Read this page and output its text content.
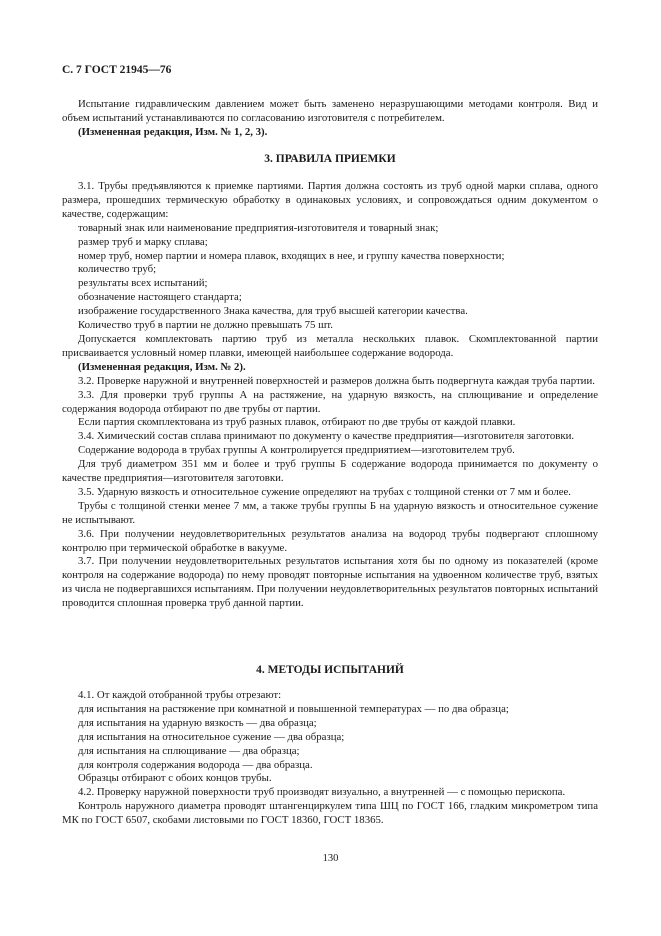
С. 7 ГОСТ 21945—76

Испытание гидравлическим давлением может быть заменено неразрушающими методами контроля. Вид и объем испытаний устанавливаются по согласованию изготовителя с потребителем.

(Измененная редакция, Изм. № 1, 2, 3).

3. ПРАВИЛА ПРИЕМКИ

3.1. Трубы предъявляются к приемке партиями. Партия должна состоять из труб одной марки сплава, одного размера, прошедших термическую обработку в одинаковых условиях, и сопровождаться одним документом о качестве, содержащим:

товарный знак или наименование предприятия-изготовителя и товарный знак;

размер труб и марку сплава;

номер труб, номер партии и номера плавок, входящих в нее, и группу качества поверхности;

количество труб;

результаты всех испытаний;

обозначение настоящего стандарта;

изображение государственного Знака качества, для труб высшей категории качества.

Количество труб в партии не должно превышать 75 шт.

Допускается комплектовать партию труб из металла нескольких плавок. Скомплектованной партии присваивается условный номер плавки, имеющей наибольшее содержание водорода.

(Измененная редакция, Изм. № 2).

3.2. Проверке наружной и внутренней поверхностей и размеров должна быть подвергнута каждая труба партии.

3.3. Для проверки труб группы А на растяжение, на ударную вязкость, на сплющивание и определение содержания водорода отбирают по две трубы от партии.

Если партия скомплектована из труб разных плавок, отбирают по две трубы от каждой плавки.

3.4. Химический состав сплава принимают по документу о качестве предприятия—изготовителя заготовки.

Содержание водорода в трубах группы А контролируется предприятием—изготовителем труб.

Для труб диаметром 351 мм и более и труб группы Б содержание водорода принимается по документу о качестве предприятия—изготовителя заготовки.

3.5. Ударную вязкость и относительное сужение определяют на трубах с толщиной стенки от 7 мм и более.

Трубы с толщиной стенки менее 7 мм, а также трубы группы Б на ударную вязкость и относительное сужение не испытывают.

3.6. При получении неудовлетворительных результатов анализа на водород трубы подвергают сплошному контролю при термической обработке в вакууме.

3.7. При получении неудовлетворительных результатов испытания хотя бы по одному из показателей (кроме контроля на содержание водорода) по нему проводят повторные испытания на удвоенном количестве труб, взятых из числа не подвергавшихся испытаниям. При получении неудовлетворительных результатов повторных испытаний проводится сплошная проверка труб данной партии.

4. МЕТОДЫ ИСПЫТАНИЙ

4.1. От каждой отобранной трубы отрезают:

для испытания на растяжение при комнатной и повышенной температурах — по два образца;

для испытания на ударную вязкость — два образца;

для испытания на относительное сужение — два образца;

для испытания на сплющивание — два образца;

для контроля содержания водорода — два образца.

Образцы отбирают с обоих концов трубы.

4.2. Проверку наружной поверхности труб производят визуально, а внутренней — с помощью перископа.

Контроль наружного диаметра проводят штангенциркулем типа ШЦ по ГОСТ 166, гладким микрометром типа МК по ГОСТ 6507, скобами листовыми по ГОСТ 18360, ГОСТ 18365.

130
